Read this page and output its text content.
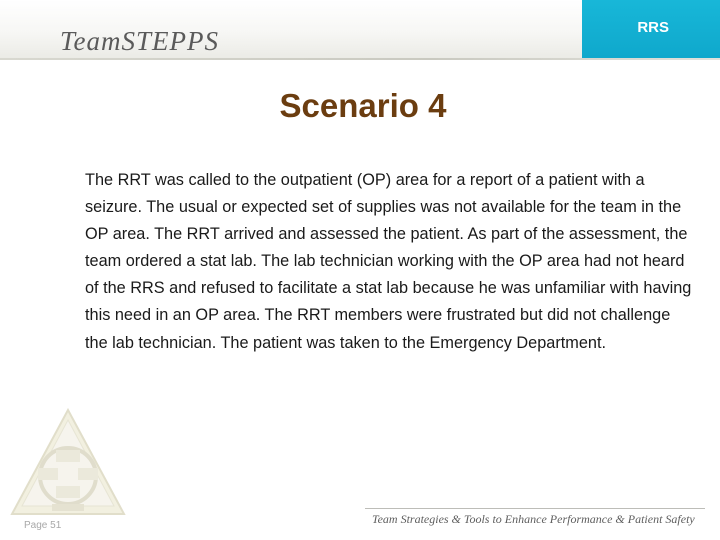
TeamSTEPPS	RRS
Scenario 4

The RRT was called to the outpatient (OP) area for a report of a patient with a seizure. The usual or expected set of supplies was not available for the team in the OP area. The RRT arrived and assessed the patient. As part of the assessment, the team ordered a stat lab. The lab technician working with the OP area had not heard of the RRS and refused to facilitate a stat lab because he was unfamiliar with having this need in an OP area. The RRT members were frustrated but did not challenge the lab technician. The patient was taken to the Emergency Department.

Page 51	Team Strategies & Tools to Enhance Performance & Patient Safety
